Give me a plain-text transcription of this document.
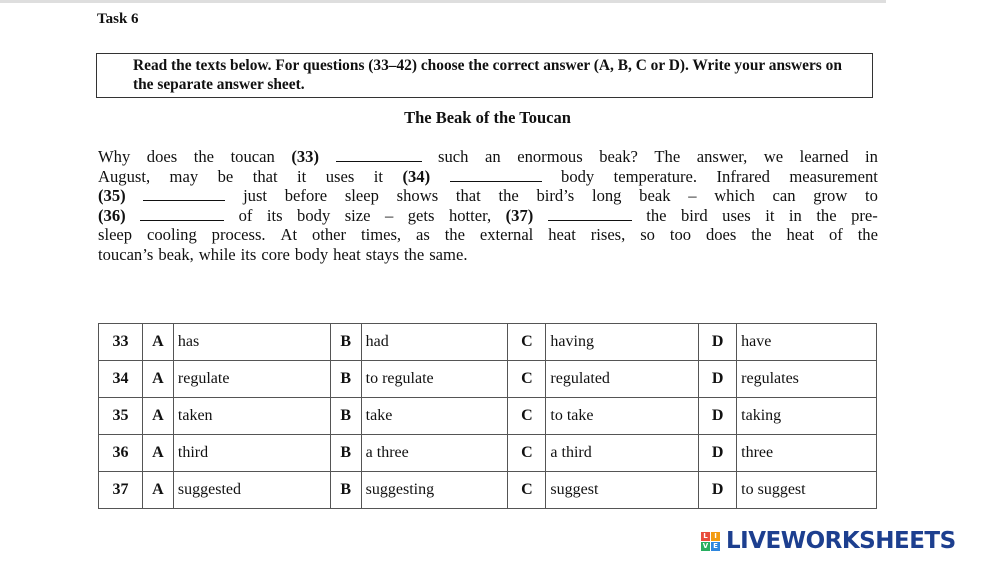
Task 6
Read the texts below. For questions (33–42) choose the correct answer (A, B, C or D). Write your answers on the separate answer sheet.
The Beak of the Toucan
Why does the toucan (33)	such an enormous beak? The answer, we learned in
August, may be that it uses it (34)	body temperature. Infrared measurement
(35)	just before sleep shows that the bird’s long beak – which can grow to
(36)	of its body size – gets hotter, (37)	the bird uses it in the pre-
sleep cooling process. At other times, as the external heat rises, so too does the heat of the
toucan’s beak, while its core body heat stays the same.
33	A	has	B	had	C	having	D	have
34	A	regulate	B	to regulate	C	regulated	D	regulates
35	A	taken	B	take	C	to take	D	taking
36	A	third	B	a three	C	a third	D	three
37	A	suggested	B	suggesting	C	suggest	D	to suggest
L I
V E LIVEWORKSHEETS
